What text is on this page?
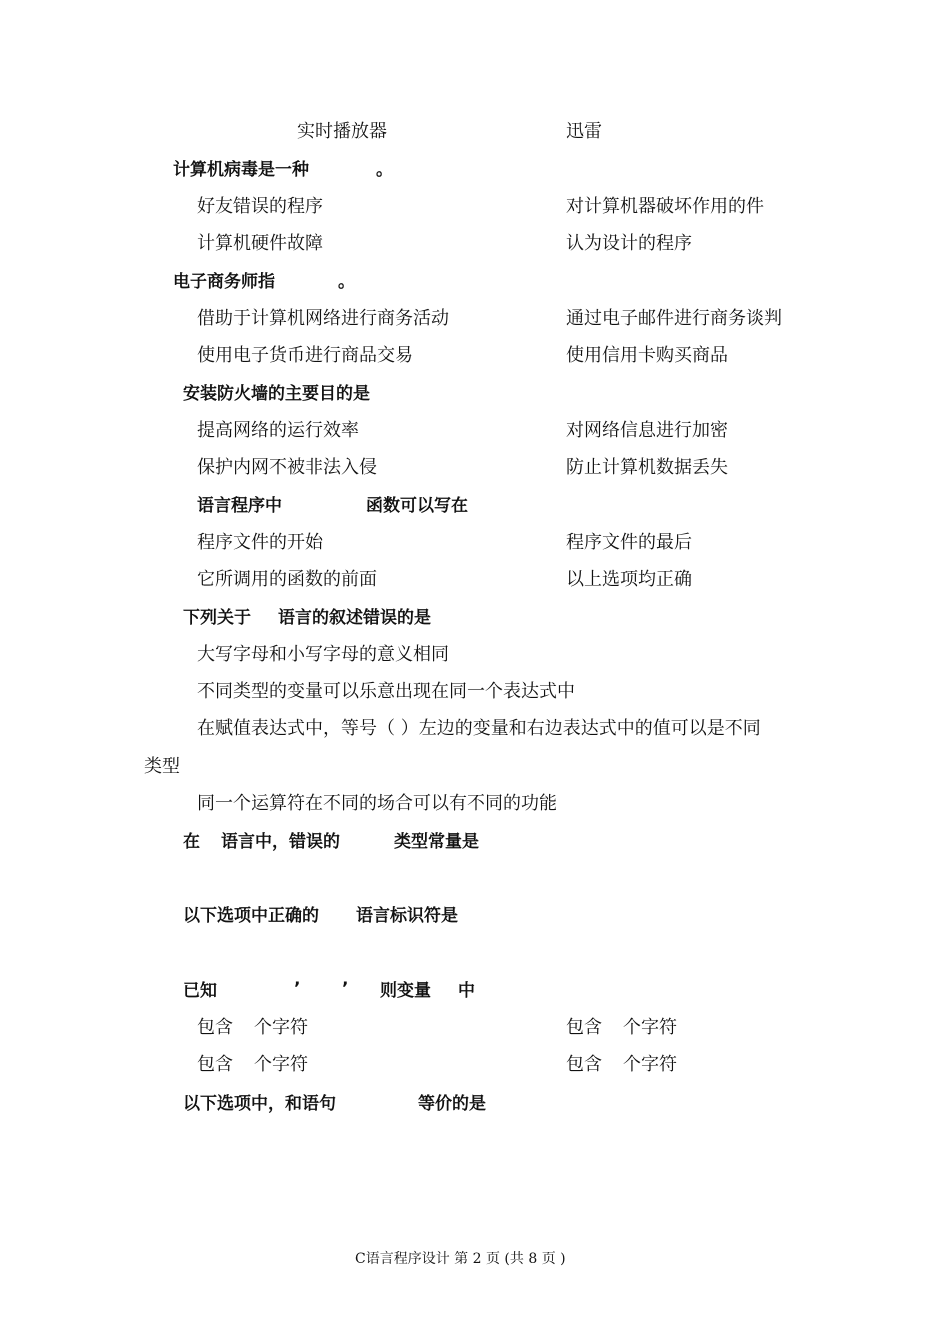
实时播放器	迅雷
计算机病毒是一种	。
好友错误的程序	对计算机器破坏作用的件
计算机硬件故障	认为设计的程序
电子商务师指	。
借助于计算机网络进行商务活动	通过电子邮件进行商务谈判
使用电子货币进行商品交易	使用信用卡购买商品
安装防火墙的主要目的是
提高网络的运行效率	对网络信息进行加密
保护内网不被非法入侵	防止计算机数据丢失
语言程序中	函数可以写在
程序文件的开始	程序文件的最后
它所调用的函数的前面	以上选项均正确
下列关于 语言的叙述错误的是
大写字母和小写字母的意义相同
不同类型的变量可以乐意出现在同一个表达式中
在赋值表达式中，等号（ ）左边的变量和右边表达式中的值可以是不同
类型
同一个运算符在不同的场合可以有不同的功能
在 语言中，错误的	类型常量是
以下选项中正确的 语言标识符是
已知	’ ’ 则变量 中
包含 个字符	包含 个字符
包含 个字符	包含 个字符
以下选项中，和语句	等价的是
C语言程序设计 第 2 页 (共 8 页 )
